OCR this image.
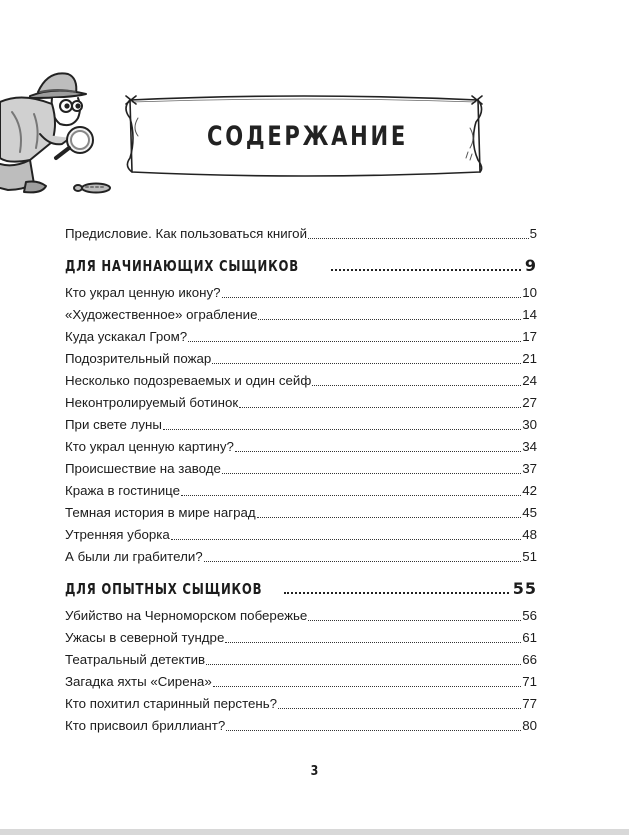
СОДЕРЖАНИЕ
Предисловие. Как пользоваться книгой	5
ДЛЯ НАЧИНАЮЩИХ СЫЩИКОВ	9
Кто украл ценную икону?	10
«Художественное» ограбление	14
Куда ускакал Гром?	17
Подозрительный пожар	21
Несколько подозреваемых и один сейф	24
Неконтролируемый ботинок	27
При свете луны	30
Кто украл ценную картину?	34
Происшествие на заводе	37
Кража в гостинице	42
Темная история в мире наград	45
Утренняя уборка	48
А были ли грабители?	51
ДЛЯ ОПЫТНЫХ СЫЩИКОВ	55
Убийство на Черноморском побережье	56
Ужасы в северной тундре	61
Театральный детектив	66
Загадка яхты «Сирена»	71
Кто похитил старинный перстень?	77
Кто присвоил бриллиант?	80
3
